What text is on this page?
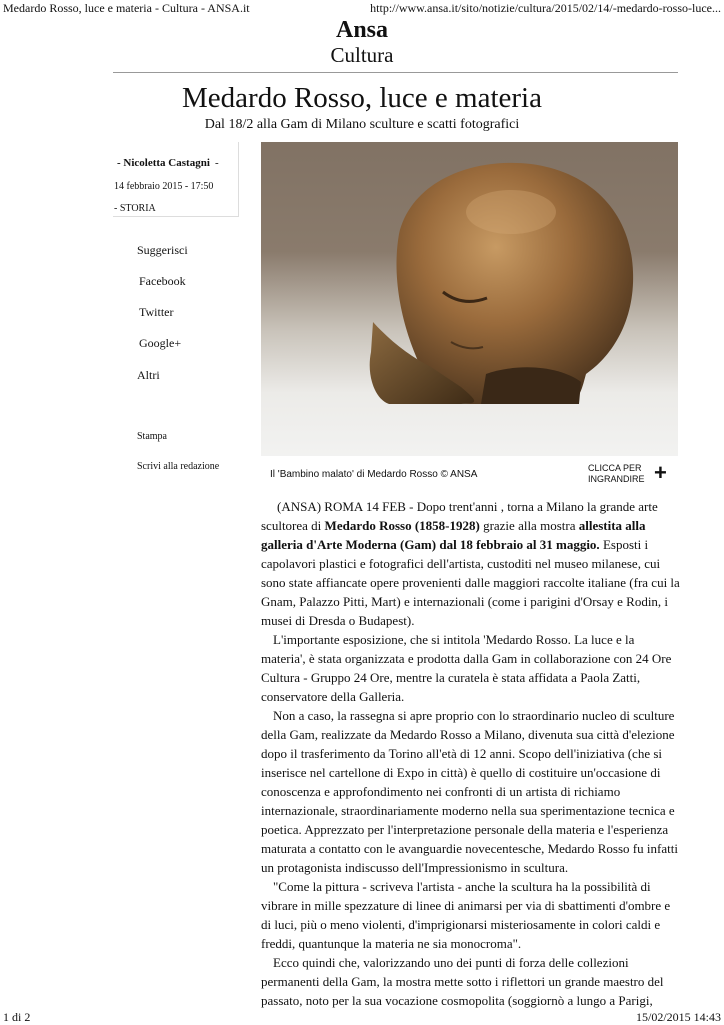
Medardo Rosso, luce e materia - Cultura - ANSA.it	http://www.ansa.it/sito/notizie/cultura/2015/02/14/-medardo-rosso-luce...
Ansa
Cultura
Medardo Rosso, luce e materia
Dal 18/2 alla Gam di Milano sculture e scatti fotografici
- Nicoletta Castagni -
14 febbraio 2015 - 17:50
- STORIA
Suggerisci
Facebook
Twitter
Google+
Altri
Stampa
Scrivi alla redazione
Il 'Bambino malato' di Medardo Rosso © ANSA
CLICCA PER INGRANDIRE +

(ANSA) ROMA 14 FEB - Dopo trent'anni , torna a Milano la grande arte scultorea di Medardo Rosso (1858-1928) grazie alla mostra allestita alla galleria d'Arte Moderna (Gam) dal 18 febbraio al 31 maggio. Esposti i capolavori plastici e fotografici dell'artista, custoditi nel museo milanese, cui sono state affiancate opere provenienti dalle maggiori raccolte italiane (fra cui la Gnam, Palazzo Pitti, Mart) e internazionali (come i parigini d'Orsay e Rodin, i musei di Dresda o Budapest).

L'importante esposizione, che si intitola 'Medardo Rosso. La luce e la materia', è stata organizzata e prodotta dalla Gam in collaborazione con 24 Ore Cultura - Gruppo 24 Ore, mentre la curatela è stata affidata a Paola Zatti, conservatore della Galleria.

Non a caso, la rassegna si apre proprio con lo straordinario nucleo di sculture della Gam, realizzate da Medardo Rosso a Milano, divenuta sua città d'elezione dopo il trasferimento da Torino all'età di 12 anni. Scopo dell'iniziativa (che si inserisce nel cartellone di Expo in città) è quello di costituire un'occasione di conoscenza e approfondimento nei confronti di un artista di richiamo internazionale, straordinariamente moderno nella sua sperimentazione tecnica e poetica. Apprezzato per l'interpretazione personale della materia e l'esperienza maturata a contatto con le avanguardie novecentesche, Medardo Rosso fu infatti un protagonista indiscusso dell'Impressionismo in scultura.

"Come la pittura - scriveva l'artista - anche la scultura ha la possibilità di vibrare in mille spezzature di linee di animarsi per via di sbattimenti d'ombre e di luci, più o meno violenti, d'imprigionarsi misteriosamente in colori caldi e freddi, quantunque la materia ne sia monocroma".

Ecco quindi che, valorizzando uno dei punti di forza delle collezioni permanenti della Gam, la mostra mette sotto i riflettori un grande maestro del passato, noto per la sua vocazione cosmopolita (soggiornò a lungo a Parigi,

1 di 2	15/02/2015 14:43
